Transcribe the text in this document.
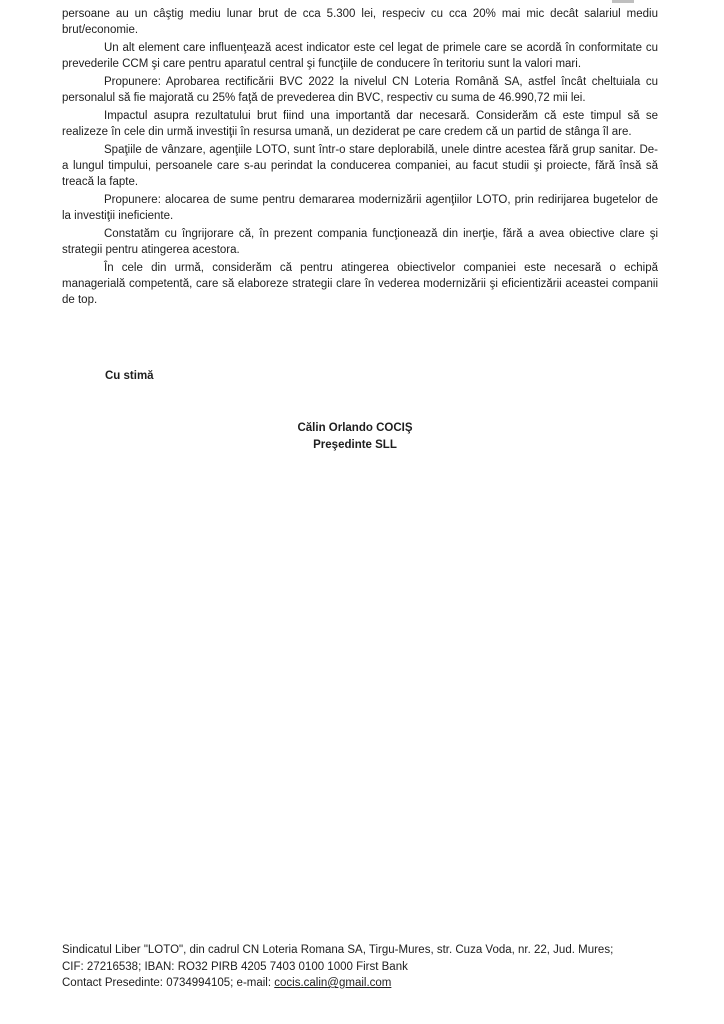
persoane au un câştig mediu lunar brut de cca 5.300 lei, respeciv cu cca 20% mai mic decât salariul mediu brut/economie.

Un alt element care influenţează acest indicator este cel legat de primele care se acordă în conformitate cu prevederile CCM şi care pentru aparatul central şi funcţiile de conducere în teritoriu sunt la valori mari.

Propunere: Aprobarea rectificării BVC 2022 la nivelul CN Loteria Română SA, astfel încât cheltuiala cu personalul să fie majorată cu 25% faţă de prevederea din BVC, respectiv cu suma de 46.990,72 mii lei.

Impactul asupra rezultatului brut fiind una importantă dar necesară. Considerăm că este timpul să se realizeze în cele din urmă investiţii în resursa umană, un deziderat pe care credem că un partid de stânga îl are.

Spaţiile de vânzare, agenţiile LOTO, sunt într-o stare deplorabilă, unele dintre acestea fără grup sanitar. De-a lungul timpului, persoanele care s-au perindat la conducerea companiei, au facut studii şi proiecte, fără însă să treacă la fapte.

Propunere: alocarea de sume pentru demararea modernizării agenţiilor LOTO, prin redirijarea bugetelor de la investiţii ineficiente.

Constatăm cu îngrijorare că, în prezent compania funcţionează din inerţie, fără a avea obiective clare şi strategii pentru atingerea acestora.

În cele din urmă, considerăm că pentru atingerea obiectivelor companiei este necesară o echipă managerială competentă, care să elaboreze strategii clare în vederea modernizării şi eficientizării aceastei companii de top.

Cu stimă
Călin Orlando COCIŞ
Preşedinte SLL
Sindicatul Liber "LOTO", din cadrul CN Loteria Romana SA, Tirgu-Mures, str. Cuza Voda, nr. 22, Jud. Mures;
CIF: 27216538; IBAN: RO32 PIRB 4205 7403 0100 1000 First Bank
Contact Presedinte: 0734994105; e-mail: cocis.calin@gmail.com
